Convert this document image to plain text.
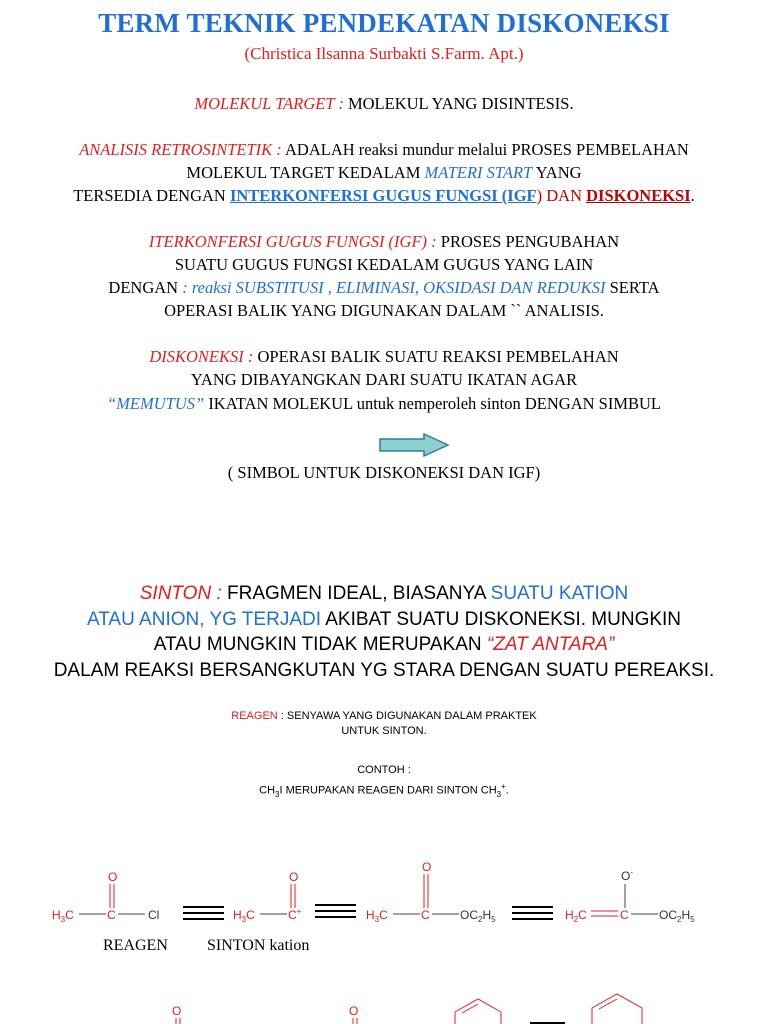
TERM TEKNIK PENDEKATAN DISKONEKSI
(Christica Ilsanna Surbakti S.Farm. Apt.)
MOLEKUL TARGET : MOLEKUL YANG DISINTESIS.
ANALISIS RETROSINTETIK : ADALAH reaksi mundur melalui PROSES PEMBELAHAN
MOLEKUL TARGET KEDALAM MATERI START YANG
TERSEDIA DENGAN INTERKONFERSI GUGUS FUNGSI (IGF) DAN DISKONEKSI.
ITERKONFERSI GUGUS FUNGSI (IGF) : PROSES PENGUBAHAN
SUATU GUGUS FUNGSI KEDALAM GUGUS YANG LAIN
DENGAN : reaksi SUBSTITUSI , ELIMINASI, OKSIDASI DAN REDUKSI SERTA
OPERASI BALIK YANG DIGUNAKAN DALAM `` ANALISIS.
DISKONEKSI : OPERASI BALIK SUATU REAKSI PEMBELAHAN
YANG DIBAYANGKAN DARI SUATU IKATAN AGAR
“MEMUTUS” IKATAN MOLEKUL untuk nemperoleh sinton DENGAN SIMBUL
( SIMBOL UNTUK DISKONEKSI DAN IGF)
SINTON : FRAGMEN IDEAL, BIASANYA SUATU KATION
ATAU ANION, YG TERJADI AKIBAT SUATU DISKONEKSI. MUNGKIN
ATAU MUNGKIN TIDAK MERUPAKAN “ZAT ANTARA”
DALAM REAKSI BERSANGKUTAN YG STARA DENGAN SUATU PEREAKSI.
REAGEN : SENYAWA YANG DIGUNAKAN DALAM PRAKTEK
UNTUK SINTON.
CONTOH :
$CH_3I$ MERUPAKAN REAGEN DARI SINTON $CH_3^+$.
$H_3C$	C
O
Cl	$H_3C$	C+
O
$H_3C$	C
O
$OC_2H_5$	$H_2C$	C
O-
$OC_2H_5$
REAGEN SINTON kation
O	O
